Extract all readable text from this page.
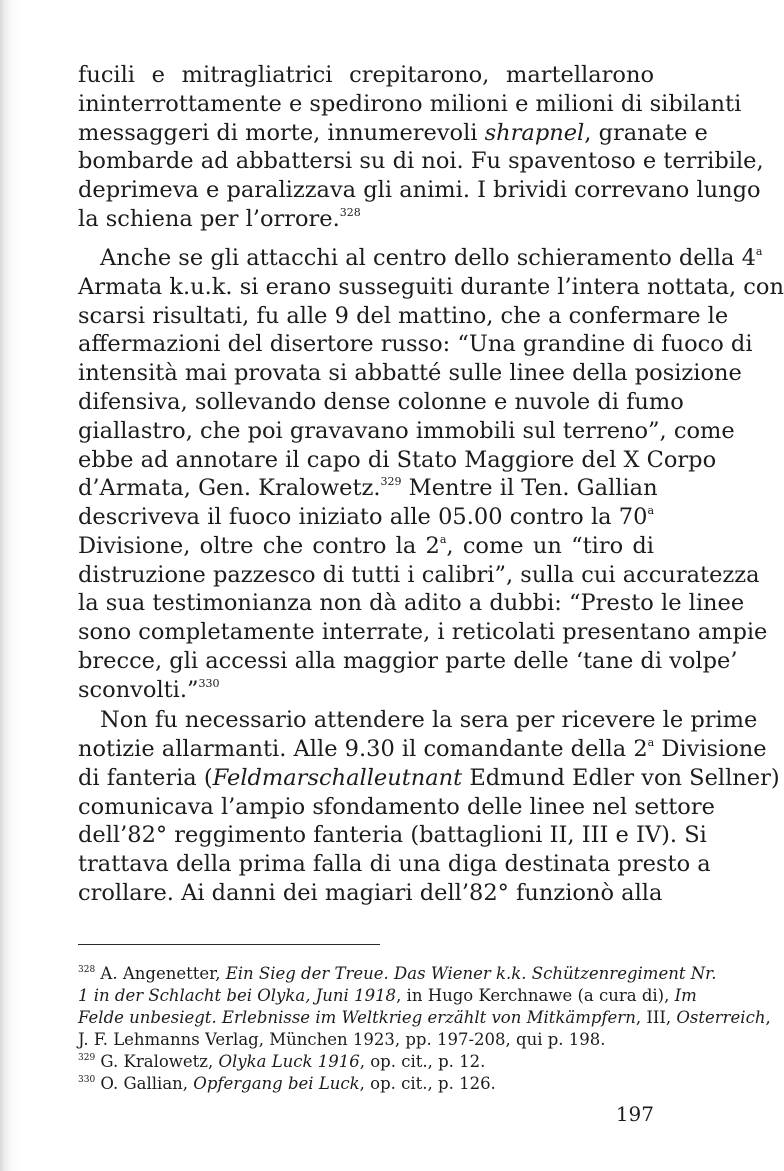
fucili e mitragliatrici crepitarono, martellarono
ininterrottamente e spedirono milioni e milioni di sibilanti
messaggeri di morte, innumerevoli shrapnel, granate e
bombarde ad abbattersi su di noi. Fu spaventoso e terribile,
deprimeva e paralizzava gli animi. I brividi correvano lungo
la schiena per l’orrore.$^{328}$
Anche se gli attacchi al centro dello schieramento della 4$^a$
Armata k.u.k. si erano susseguiti durante l’intera nottata, con
scarsi risultati, fu alle 9 del mattino, che a confermare le
affermazioni del disertore russo: “Una grandine di fuoco di
intensità mai provata si abbatté sulle linee della posizione
difensiva, sollevando dense colonne e nuvole di fumo
giallastro, che poi gravavano immobili sul terreno”, come
ebbe ad annotare il capo di Stato Maggiore del X Corpo
d’Armata, Gen. Kralowetz.$^{329}$ Mentre il Ten. Gallian
descriveva il fuoco iniziato alle 05.00 contro la 70$^a$
Divisione, oltre che contro la 2$^a$, come un “tiro di
distruzione pazzesco di tutti i calibri”, sulla cui accuratezza
la sua testimonianza non dà adito a dubbi: “Presto le linee
sono completamente interrate, i reticolati presentano ampie
brecce, gli accessi alla maggior parte delle ‘tane di volpe’
sconvolti.”$^{330}$
Non fu necessario attendere la sera per ricevere le prime
notizie allarmanti. Alle 9.30 il comandante della 2$^a$ Divisione
di fanteria (Feldmarschalleutnant Edmund Edler von Sellner)
comunicava l’ampio sfondamento delle linee nel settore
dell’82° reggimento fanteria (battaglioni II, III e IV). Si
trattava della prima falla di una diga destinata presto a
crollare. Ai danni dei magiari dell’82° funzionò alla
$^{328}$ A. Angenetter, Ein Sieg der Treue. Das Wiener k.k. Schützenregiment Nr.
1 in der Schlacht bei Olyka, Juni 1918, in Hugo Kerchnawe (a cura di), Im
Felde unbesiegt. Erlebnisse im Weltkrieg erzählt von Mitkämpfern, III, Osterreich,
J. F. Lehmanns Verlag, München 1923, pp. 197-208, qui p. 198.
$^{329}$ G. Kralowetz, Olyka Luck 1916, op. cit., p. 12.
$^{330}$ O. Gallian, Opfergang bei Luck, op. cit., p. 126.
197
